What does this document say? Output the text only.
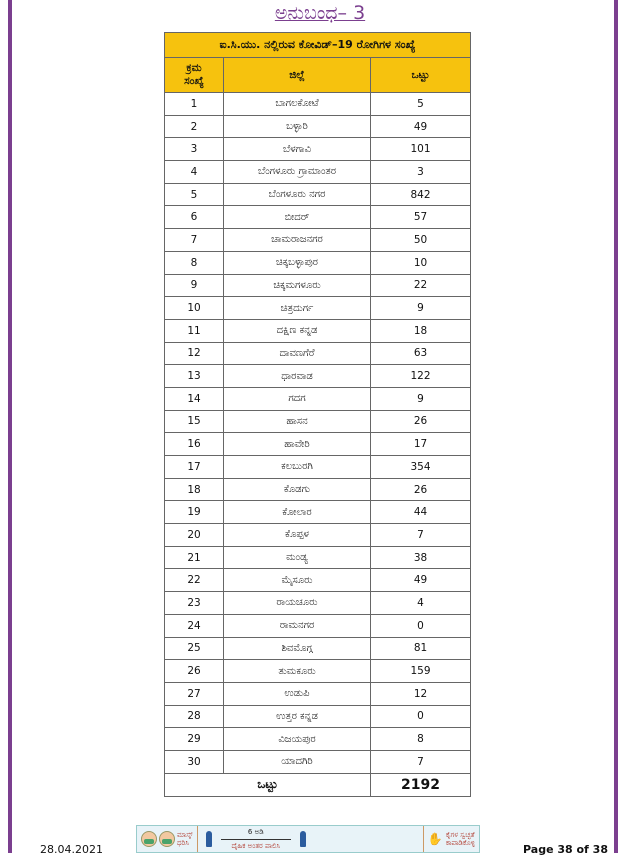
ಅನುಬಂಧ– 3
ಐ.ಸಿ.ಯು. ನಲ್ಲಿರುವ ಕೋವಿಡ್–19 ರೋಗಿಗಳ ಸಂಖ್ಯೆ		
ಕ್ರಮ
ಸಂಖ್ಯೆ	ಜಿಲ್ಲೆ	ಒಟ್ಟು
1	ಬಾಗಲಕೋಟೆ	5
2	ಬಳ್ಳಾರಿ	49
3	ಬೆಳಗಾವಿ	101
4	ಬೆಂಗಳೂರು ಗ್ರಾಮಾಂತರ	3
5	ಬೆಂಗಳೂರು ನಗರ	842
6	ಬೀದರ್	57
7	ಚಾಮರಾಜನಗರ	50
8	ಚಿಕ್ಕಬಳ್ಳಾಪುರ	10
9	ಚಿಕ್ಕಮಗಳೂರು	22
10	ಚಿತ್ರದುರ್ಗ	9
11	ದಕ್ಷಿಣ ಕನ್ನಡ	18
12	ದಾವಣಗೆರೆ	63
13	ಧಾರವಾಡ	122
14	ಗದಗ	9
15	ಹಾಸನ	26
16	ಹಾವೇರಿ	17
17	ಕಲಬುರಗಿ	354
18	ಕೊಡಗು	26
19	ಕೋಲಾರ	44
20	ಕೊಪ್ಪಳ	7
21	ಮಂಡ್ಯ	38
22	ಮೈಸೂರು	49
23	ರಾಯಚೂರು	4
24	ರಾಮನಗರ	0
25	ಶಿವಮೊಗ್ಗ	81
26	ತುಮಕೂರು	159
27	ಉಡುಪಿ	12
28	ಉತ್ತರ ಕನ್ನಡ	0
29	ವಿಜಯಪುರ	8
30	ಯಾದಗಿರಿ	7
ಒಟ್ಟು		2192
ಮಾಸ್ಕ್
ಧರಿಸಿ
6 ಅಡಿ
ದೈಹಿಕ ಅಂತರ ಪಾಲಿಸಿ	✋ ಕೈಗಳ ಸ್ವಚ್ಛತೆ
ಕಾಪಾಡಿಕೊಳ್ಳಿ
28.04.2021	Page 38 of 38
